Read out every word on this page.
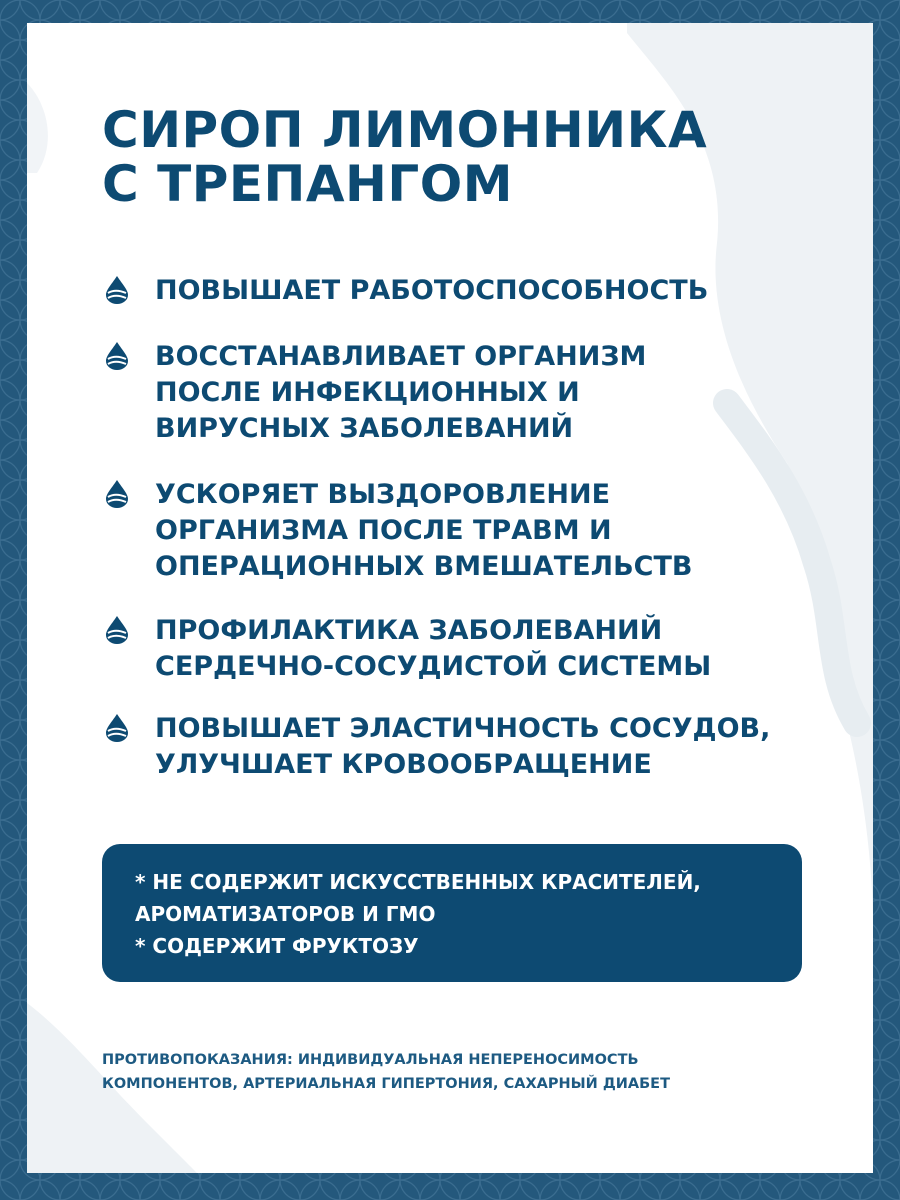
СИРОП ЛИМОННИКА
С ТРЕПАНГОМ
ПОВЫШАЕТ РАБОТОСПОСОБНОСТЬ
ВОССТАНАВЛИВАЕТ ОРГАНИЗМ ПОСЛЕ ИНФЕКЦИОННЫХ И ВИРУСНЫХ ЗАБОЛЕВАНИЙ
УСКОРЯЕТ ВЫЗДОРОВЛЕНИЕ ОРГАНИЗМА ПОСЛЕ ТРАВМ И ОПЕРАЦИОННЫХ ВМЕШАТЕЛЬСТВ
ПРОФИЛАКТИКА ЗАБОЛЕВАНИЙ СЕРДЕЧНО-СОСУДИСТОЙ СИСТЕМЫ
ПОВЫШАЕТ ЭЛАСТИЧНОСТЬ СОСУДОВ, УЛУЧШАЕТ КРОВООБРАЩЕНИЕ
* НЕ СОДЕРЖИТ ИСКУССТВЕННЫХ КРАСИТЕЛЕЙ,
АРОМАТИЗАТОРОВ И ГМО
* СОДЕРЖИТ ФРУКТОЗУ
ПРОТИВОПОКАЗАНИЯ: ИНДИВИДУАЛЬНАЯ НЕПЕРЕНОСИМОСТЬ
КОМПОНЕНТОВ, АРТЕРИАЛЬНАЯ ГИПЕРТОНИЯ, САХАРНЫЙ ДИАБЕТ
